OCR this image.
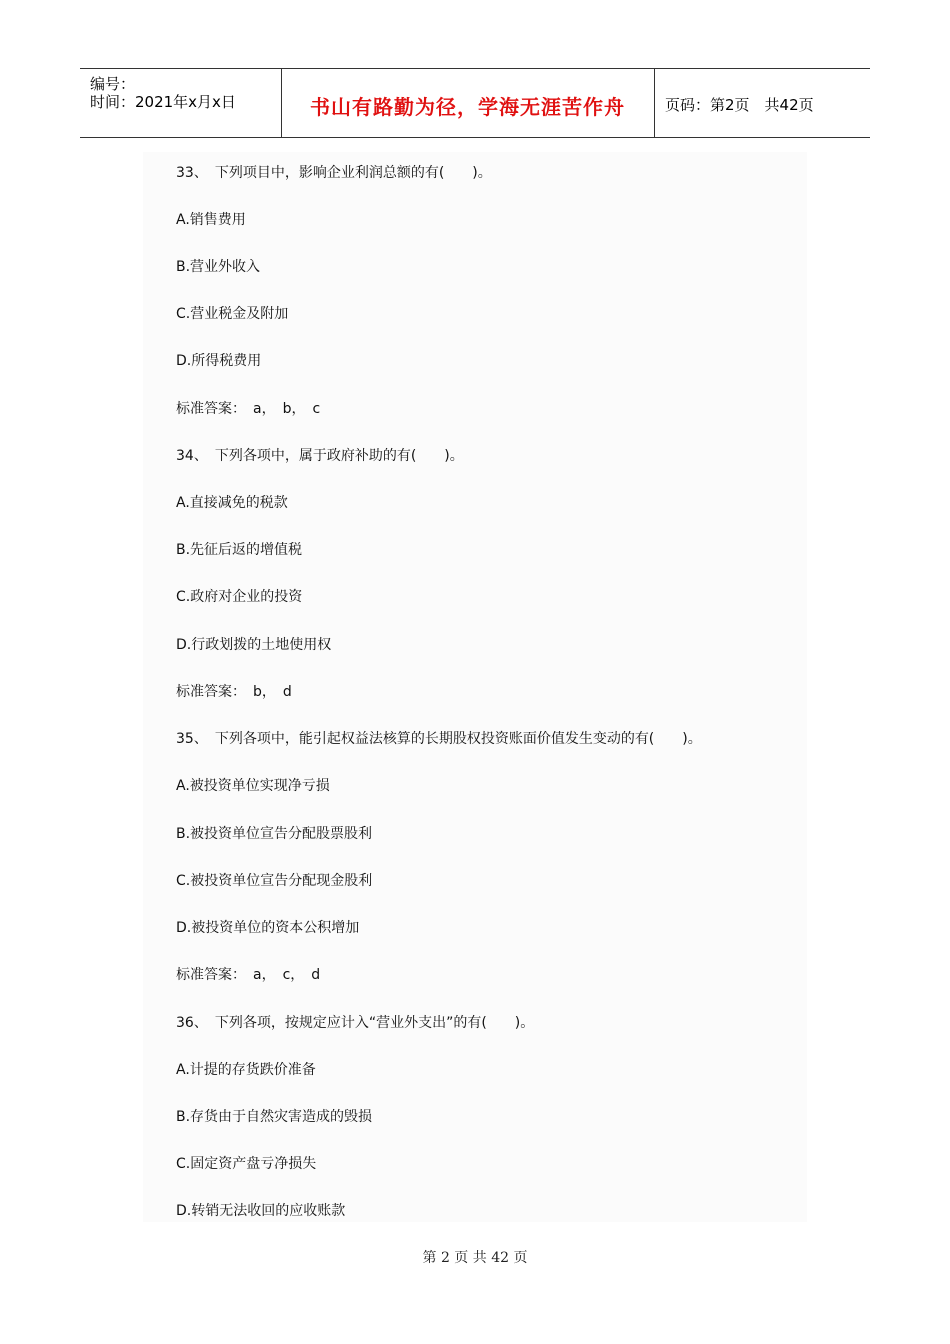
编号：
时间：2021年x月x日	书山有路勤为径，学海无涯苦作舟	页码：第2页　共42页
33、　下列项目中，影响企业利润总额的有(　　)。
A.销售费用
B.营业外收入
C.营业税金及附加
D.所得税费用
标准答案：　a，　b，　c
34、　下列各项中，属于政府补助的有(　　)。
A.直接减免的税款
B.先征后返的增值税
C.政府对企业的投资
D.行政划拨的土地使用权
标准答案：　b，　d
35、　下列各项中，能引起权益法核算的长期股权投资账面价值发生变动的有(　　)。
A.被投资单位实现净亏损
B.被投资单位宣告分配股票股利
C.被投资单位宣告分配现金股利
D.被投资单位的资本公积增加
标准答案：　a，　c，　d
36、　下列各项，按规定应计入“营业外支出”的有(　　)。
A.计提的存货跌价准备
B.存货由于自然灾害造成的毁损
C.固定资产盘亏净损失
D.转销无法收回的应收账款
第 2 页 共 42 页
